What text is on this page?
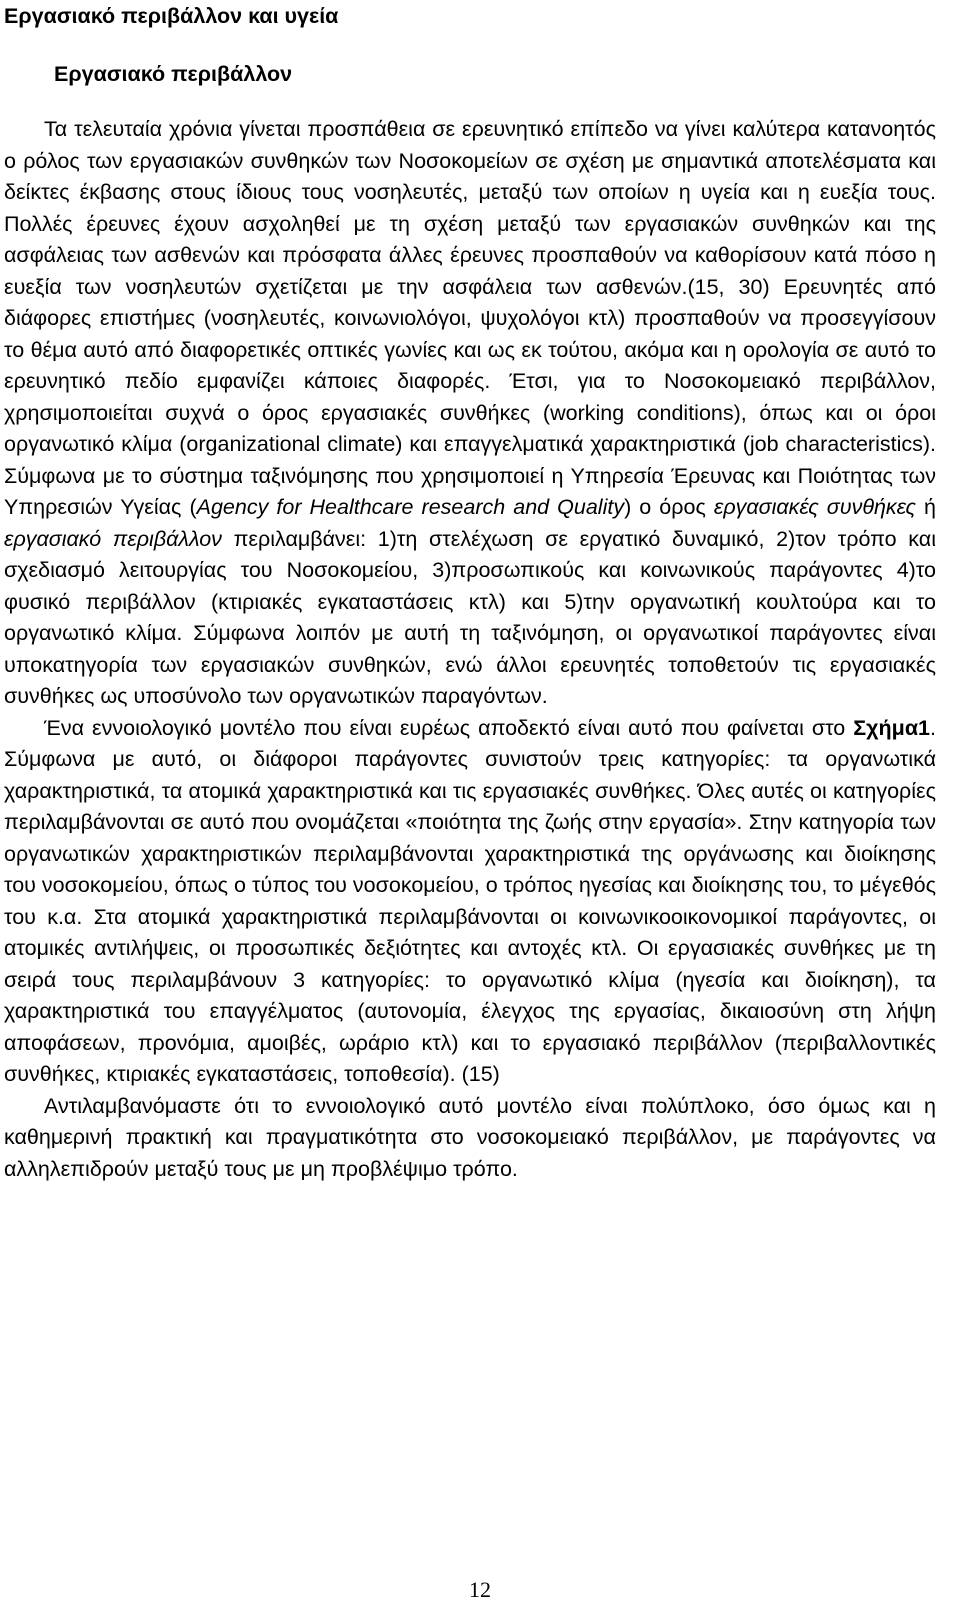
Εργασιακό περιβάλλον και υγεία
Εργασιακό περιβάλλον

Τα τελευταία χρόνια γίνεται προσπάθεια σε ερευνητικό επίπεδο να γίνει καλύτερα κατανοητός ο ρόλος των εργασιακών συνθηκών των Νοσοκομείων σε σχέση με σημαντικά αποτελέσματα και δείκτες έκβασης στους ίδιους τους νοσηλευτές, μεταξύ των οποίων η υγεία και η ευεξία τους. Πολλές έρευνες έχουν ασχοληθεί με τη σχέση μεταξύ των εργασιακών συνθηκών και της ασφάλειας των ασθενών και πρόσφατα άλλες έρευνες προσπαθούν να καθορίσουν κατά πόσο η ευεξία των νοσηλευτών σχετίζεται με την ασφάλεια των ασθενών.(15, 30) Ερευνητές από διάφορες επιστήμες (νοσηλευτές, κοινωνιολόγοι, ψυχολόγοι κτλ) προσπαθούν να προσεγγίσουν το θέμα αυτό από διαφορετικές οπτικές γωνίες και ως εκ τούτου, ακόμα και η ορολογία σε αυτό το ερευνητικό πεδίο εμφανίζει κάποιες διαφορές. Έτσι, για το Νοσοκομειακό περιβάλλον, χρησιμοποιείται συχνά ο όρος εργασιακές συνθήκες (working conditions), όπως και οι όροι οργανωτικό κλίμα (organizational climate) και επαγγελματικά χαρακτηριστικά (job characteristics). Σύμφωνα με το σύστημα ταξινόμησης που χρησιμοποιεί η Υπηρεσία Έρευνας και Ποιότητας των Υπηρεσιών Υγείας (Agency for Healthcare research and Quality) ο όρος εργασιακές συνθήκες ή εργασιακό περιβάλλον περιλαμβάνει: 1)τη στελέχωση σε εργατικό δυναμικό, 2)τον τρόπο και σχεδιασμό λειτουργίας του Νοσοκομείου, 3)προσωπικούς και κοινωνικούς παράγοντες 4)το φυσικό περιβάλλον (κτιριακές εγκαταστάσεις κτλ) και 5)την οργανωτική κουλτούρα και το οργανωτικό κλίμα. Σύμφωνα λοιπόν με αυτή τη ταξινόμηση, οι οργανωτικοί παράγοντες είναι υποκατηγορία των εργασιακών συνθηκών, ενώ άλλοι ερευνητές τοποθετούν τις εργασιακές συνθήκες ως υποσύνολο των οργανωτικών παραγόντων.

Ένα εννοιολογικό μοντέλο που είναι ευρέως αποδεκτό είναι αυτό που φαίνεται στο Σχήμα1. Σύμφωνα με αυτό, οι διάφοροι παράγοντες συνιστούν τρεις κατηγορίες: τα οργανωτικά χαρακτηριστικά, τα ατομικά χαρακτηριστικά και τις εργασιακές συνθήκες. Όλες αυτές οι κατηγορίες περιλαμβάνονται σε αυτό που ονομάζεται «ποιότητα της ζωής στην εργασία». Στην κατηγορία των οργανωτικών χαρακτηριστικών περιλαμβάνονται χαρακτηριστικά της οργάνωσης και διοίκησης του νοσοκομείου, όπως ο τύπος του νοσοκομείου, ο τρόπος ηγεσίας και διοίκησης του, το μέγεθός του κ.α. Στα ατομικά χαρακτηριστικά περιλαμβάνονται οι κοινωνικοοικονομικοί παράγοντες, οι ατομικές αντιλήψεις, οι προσωπικές δεξιότητες και αντοχές κτλ. Οι εργασιακές συνθήκες με τη σειρά τους περιλαμβάνουν 3 κατηγορίες: το οργανωτικό κλίμα (ηγεσία και διοίκηση), τα χαρακτηριστικά του επαγγέλματος (αυτονομία, έλεγχος της εργασίας, δικαιοσύνη στη λήψη αποφάσεων, προνόμια, αμοιβές, ωράριο κτλ) και το εργασιακό περιβάλλον (περιβαλλοντικές συνθήκες, κτιριακές εγκαταστάσεις, τοποθεσία). (15)

Αντιλαμβανόμαστε ότι το εννοιολογικό αυτό μοντέλο είναι πολύπλοκο, όσο όμως και η καθημερινή πρακτική και πραγματικότητα στο νοσοκομειακό περιβάλλον, με παράγοντες να αλληλεπιδρούν μεταξύ τους με μη προβλέψιμο τρόπο.

12
